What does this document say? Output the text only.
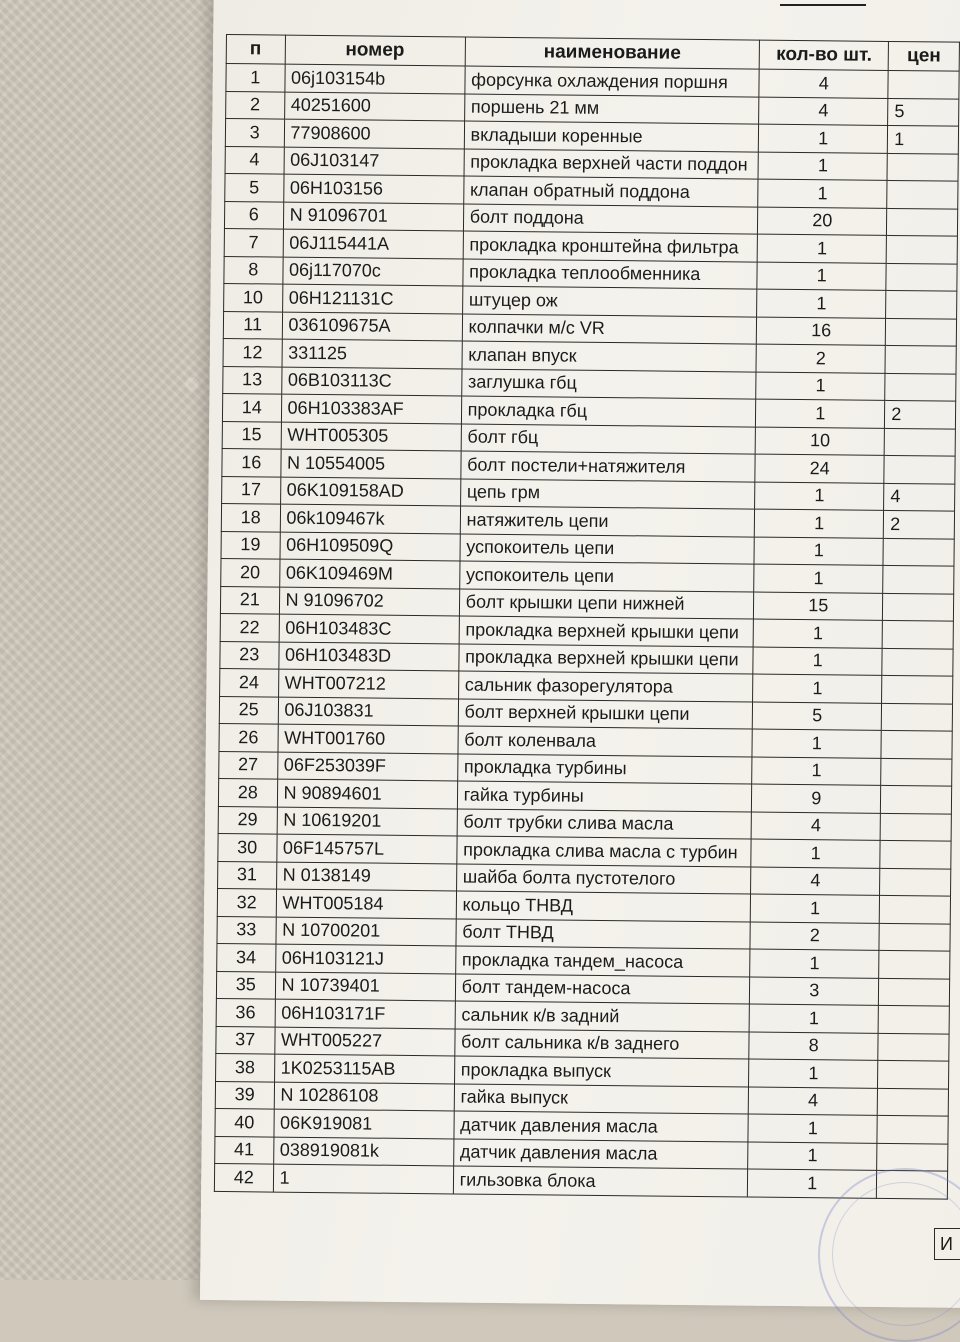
п	номер	наименование	кол-во шт.	цен
1	06j103154b	форсунка охлаждения поршня	4	
2	40251600	поршень 21 мм	4	5
3	77908600	вкладыши коренные	1	1
4	06J103147	прокладка верхней части поддон	1	
5	06H103156	клапан обратный поддона	1	
6	N 91096701	болт поддона	20	
7	06J115441A	прокладка кронштейна фильтра	1	
8	06j117070c	прокладка теплообменника	1	
10	06H121131C	штуцер ож	1	
11	036109675A	колпачки м/с VR	16	
12	331125	клапан впуск	2	
13	06B103113C	заглушка гбц	1	
14	06H103383AF	прокладка гбц	1	2
15	WHT005305	болт гбц	10	
16	N 10554005	болт постели+натяжителя	24	
17	06K109158AD	цепь грм	1	4
18	06k109467k	натяжитель цепи	1	2
19	06H109509Q	успокоитель цепи	1	
20	06K109469M	успокоитель цепи	1	
21	N 91096702	болт крышки цепи нижней	15	
22	06H103483C	прокладка верхней крышки цепи	1	
23	06H103483D	прокладка верхней крышки цепи	1	
24	WHT007212	сальник фазорегулятора	1	
25	06J103831	болт верхней крышки цепи	5	
26	WHT001760	болт коленвала	1	
27	06F253039F	прокладка турбины	1	
28	N 90894601	гайка турбины	9	
29	N 10619201	болт трубки слива масла	4	
30	06F145757L	прокладка слива масла с турбин	1	
31	N 0138149	шайба болта пустотелого	4	
32	WHT005184	кольцо ТНВД	1	
33	N 10700201	болт ТНВД	2	
34	06H103121J	прокладка тандем_насоса	1	
35	N 10739401	болт тандем-насоса	3	
36	06H103171F	сальник к/в задний	1	
37	WHT005227	болт сальника к/в заднего	8	
38	1K0253115AB	прокладка выпуск	1	
39	N 10286108	гайка выпуск	4	
40	06K919081	датчик давления масла	1	
41	038919081k	датчик давления масла	1	
42	1	гильзовка блока	1	
И
